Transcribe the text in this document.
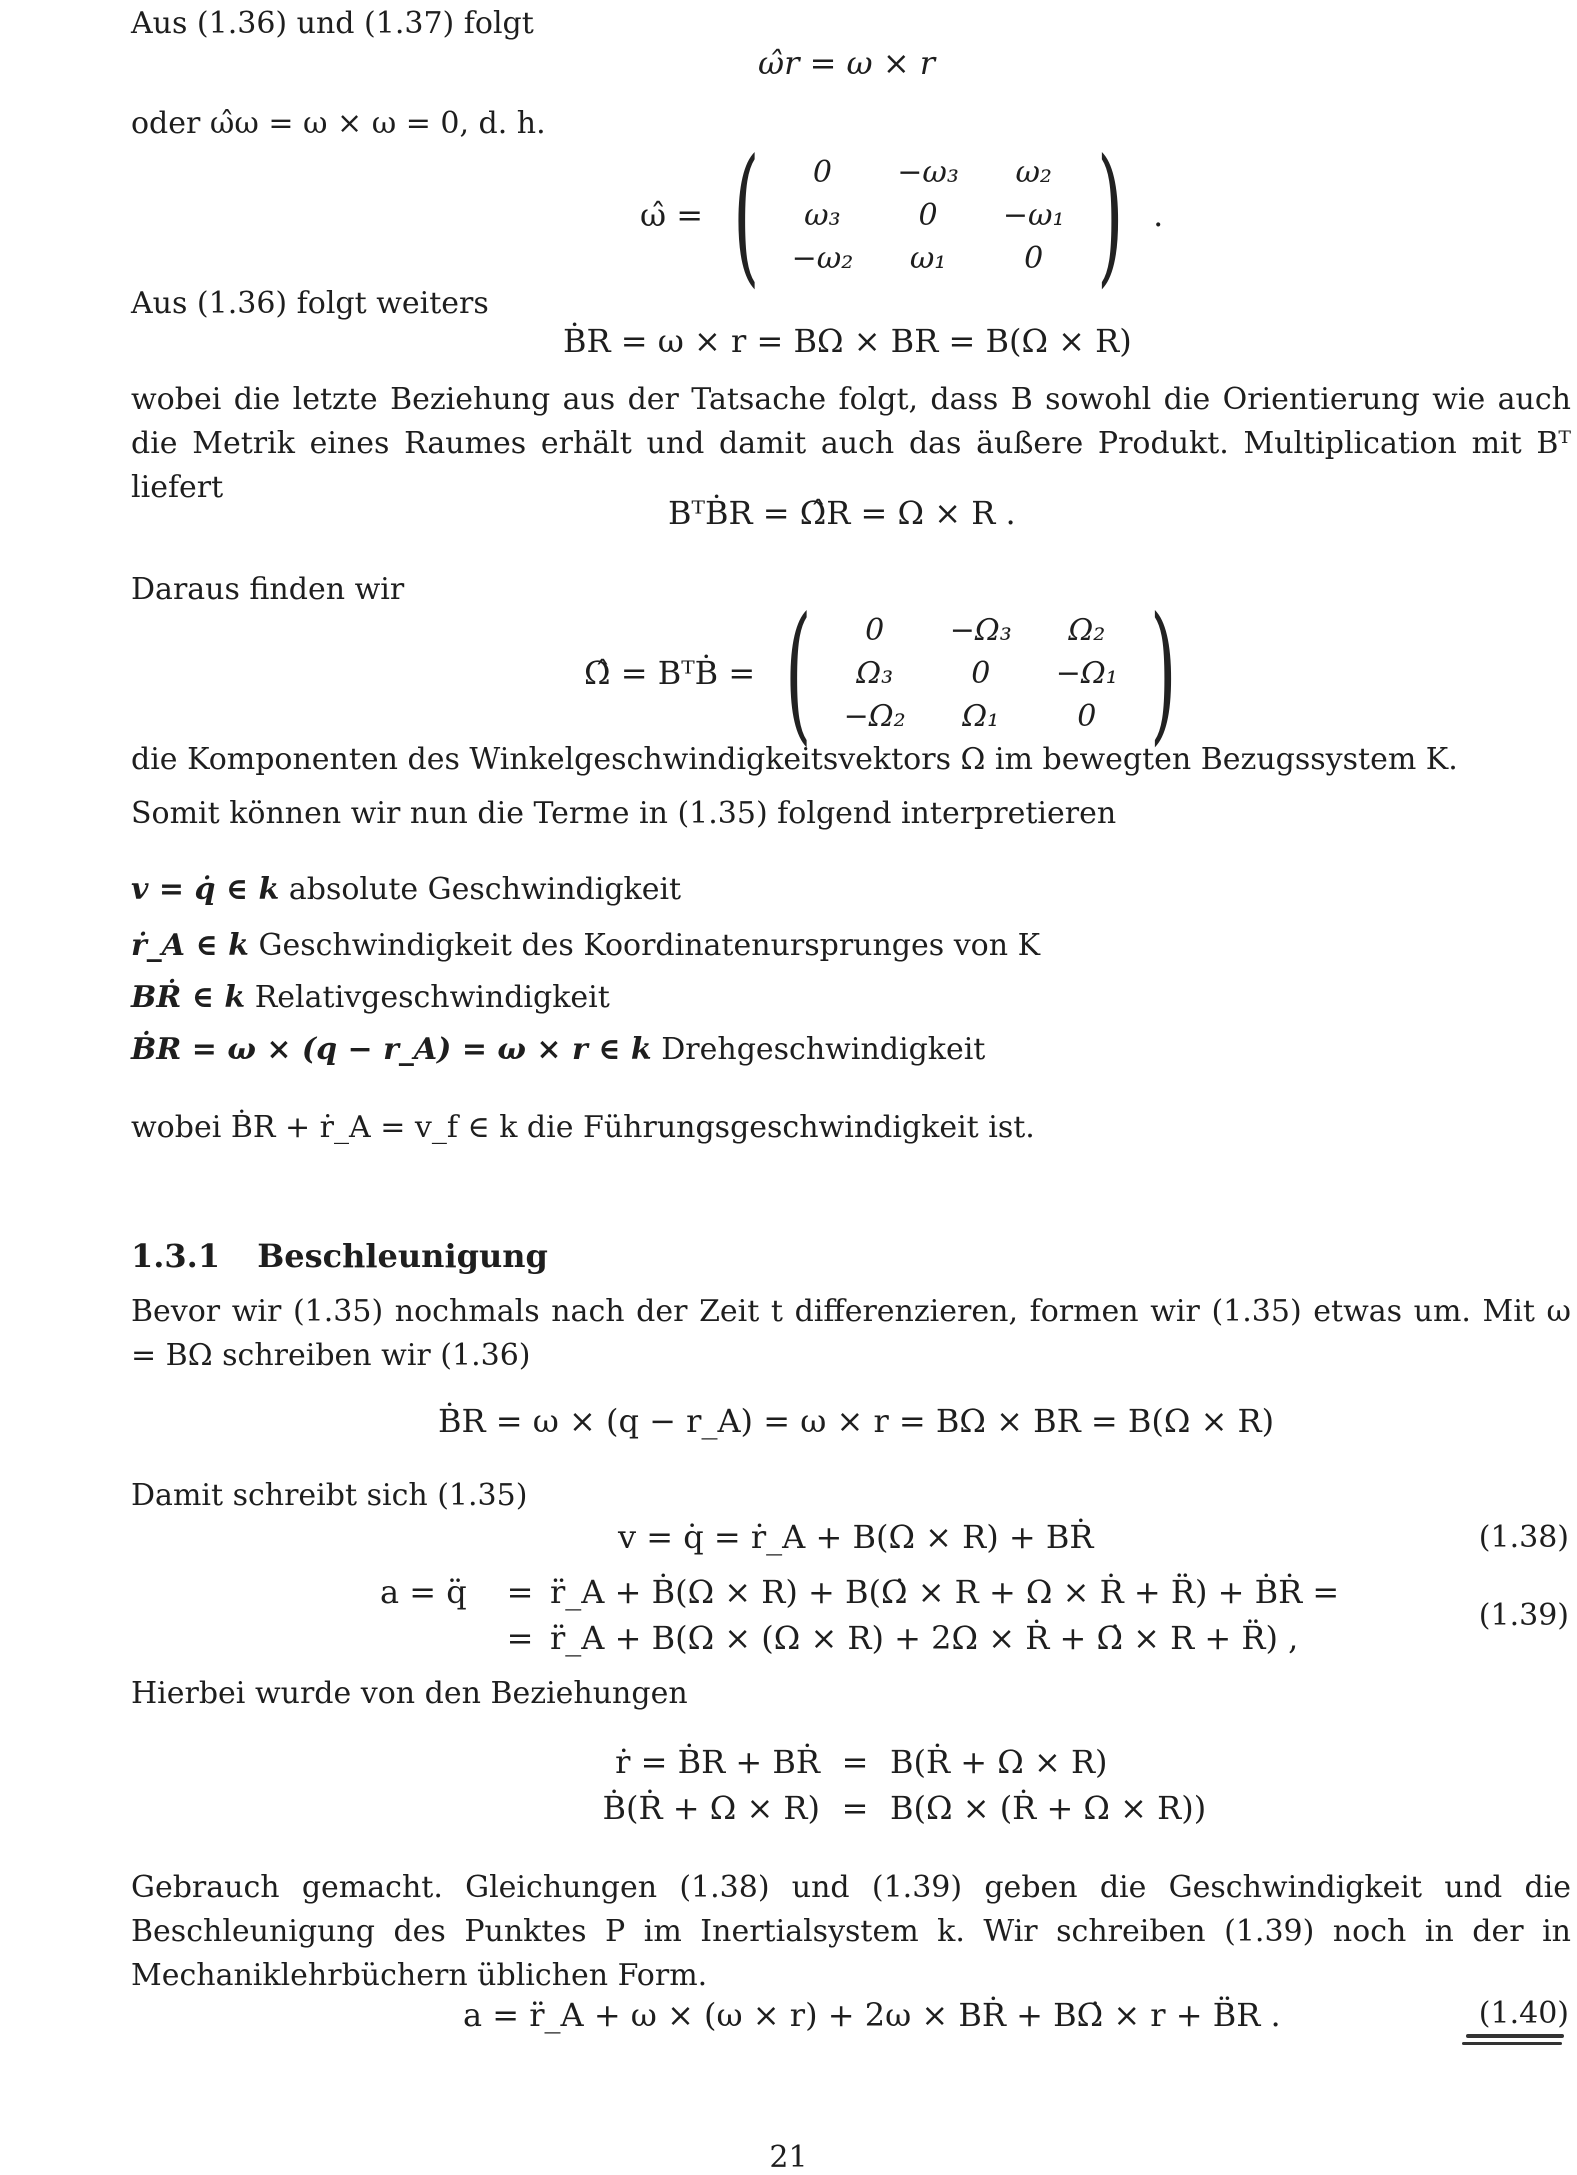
Aus (1.36) und (1.37) folgt
ω̂r = ω × r
oder ω̂ω = ω × ω = 0, d. h.
ω̂ = ( 0	−ω₃	ω₂
ω₃	0	−ω₁
−ω₂	ω₁	0 ) .
Aus (1.36) folgt weiters
ḂR = ω × r = BΩ × BR = B(Ω × R)
wobei die letzte Beziehung aus der Tatsache folgt, dass B sowohl die Orientierung wie auch die Metrik eines Raumes erhält und damit auch das äußere Produkt. Multiplication mit Bᵀ liefert
BᵀḂR = Ω̂R = Ω × R .
Daraus finden wir
Ω̂ = BᵀḂ = ( 0	−Ω₃	Ω₂
Ω₃	0	−Ω₁
−Ω₂	Ω₁	0 )
die Komponenten des Winkelgeschwindigkeitsvektors Ω im bewegten Bezugssystem K.
Somit können wir nun die Terme in (1.35) folgend interpretieren
v = q̇ ∈ k absolute Geschwindigkeit
ṙ_A ∈ k Geschwindigkeit des Koordinatenursprunges von K
BṘ ∈ k Relativgeschwindigkeit
ḂR = ω × (q − r_A) = ω × r ∈ k Drehgeschwindigkeit
wobei ḂR + ṙ_A = v_f ∈ k die Führungsgeschwindigkeit ist.
1.3.1 Beschleunigung
Bevor wir (1.35) nochmals nach der Zeit t differenzieren, formen wir (1.35) etwas um. Mit ω = BΩ schreiben wir (1.36)
ḂR = ω × (q − r_A) = ω × r = BΩ × BR = B(Ω × R)
Damit schreibt sich (1.35)
v = q̇ = ṙ_A + B(Ω × R) + BṘ	(1.38)
a = q̈	= r̈_A + Ḃ(Ω × R) + B(Ω̇ × R + Ω × Ṙ + R̈) + ḂṘ =
= r̈_A + B(Ω × (Ω × R) + 2Ω × Ṙ + Ω̇ × R + R̈) ,
(1.39)
Hierbei wurde von den Beziehungen
ṙ = ḂR + BṘ = B(Ṙ + Ω × R)
Ḃ(Ṙ + Ω × R) = B(Ω × (Ṙ + Ω × R))
Gebrauch gemacht. Gleichungen (1.38) und (1.39) geben die Geschwindigkeit und die Beschleunigung des Punktes P im Inertialsystem k. Wir schreiben (1.39) noch in der in Mechaniklehrbüchern üblichen Form.
a = r̈_A + ω × (ω × r) + 2ω × BṘ + BΩ̇ × r + B̈R .	(1.40)
21
